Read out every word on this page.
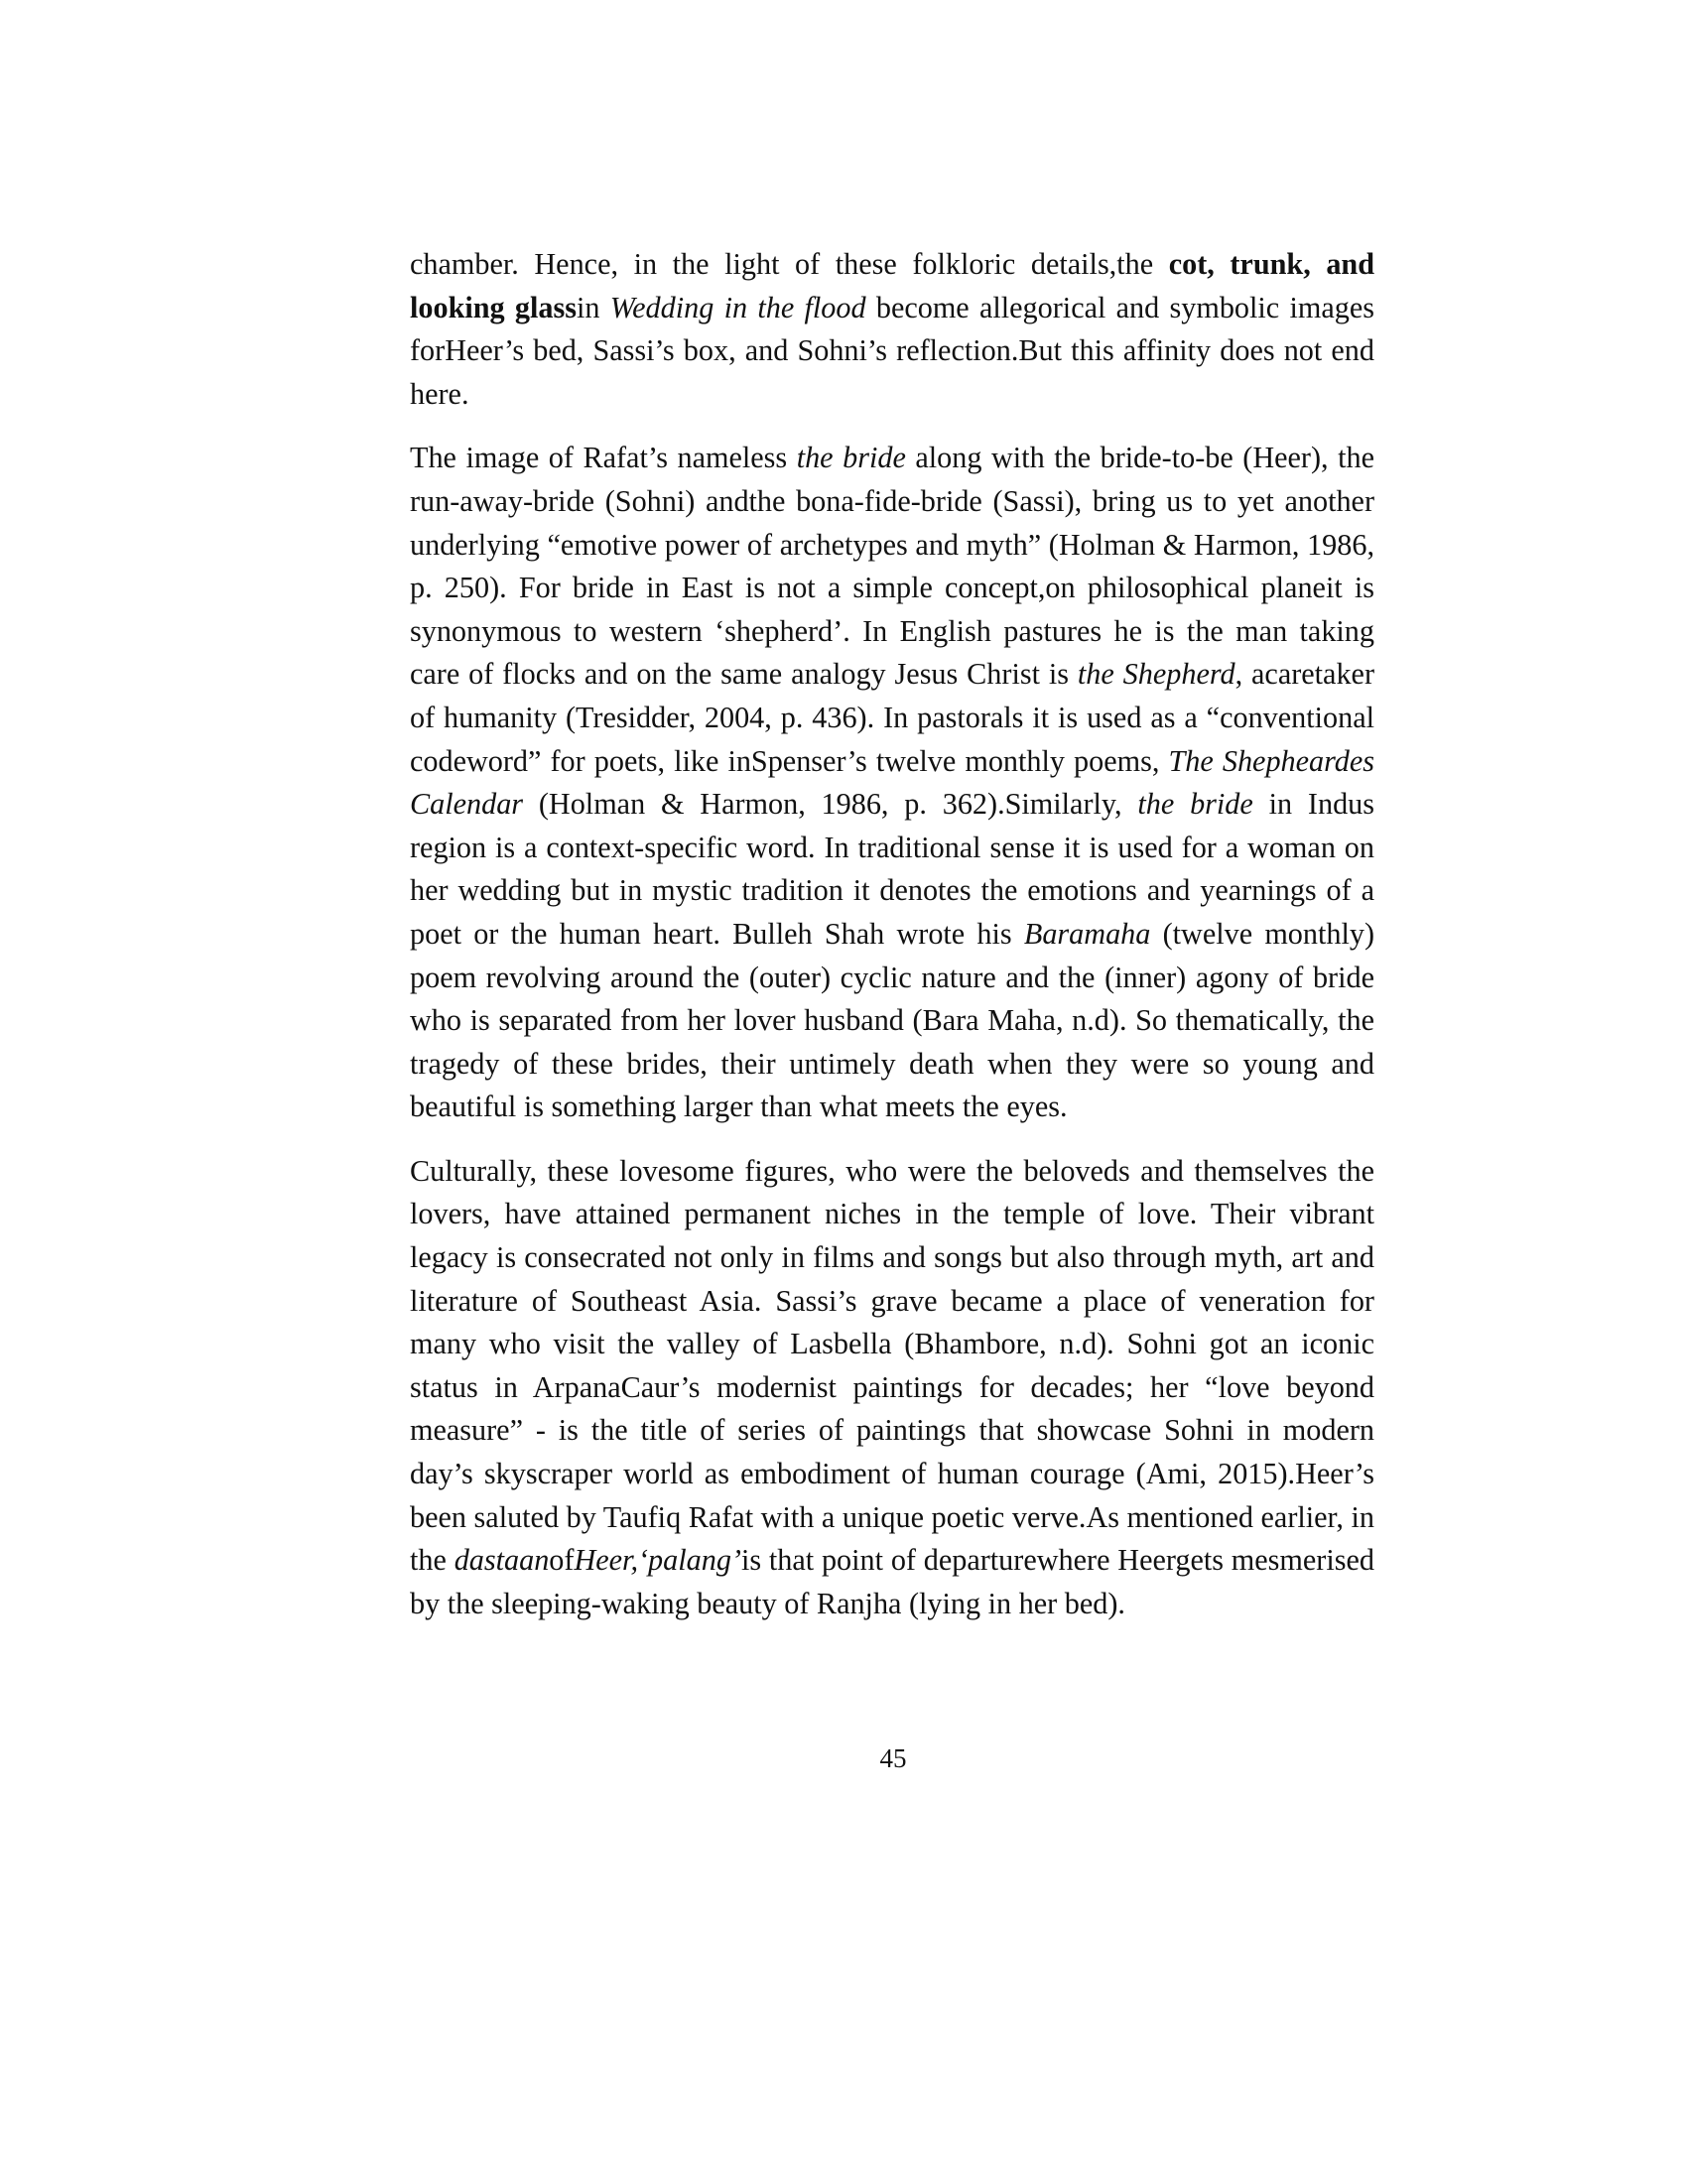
chamber. Hence, in the light of these folkloric details,the cot, trunk, and looking glassin Wedding in the flood become allegorical and symbolic images forHeer’s bed, Sassi’s box, and Sohni’s reflection.But this affinity does not end here.

The image of Rafat’s nameless the bride along with the bride-to-be (Heer), the run-away-bride (Sohni) andthe bona-fide-bride (Sassi), bring us to yet another underlying “emotive power of archetypes and myth” (Holman & Harmon, 1986, p. 250). For bride in East is not a simple concept,on philosophical planeit is synonymous to western ‘shepherd’. In English pastures he is the man taking care of flocks and on the same analogy Jesus Christ is the Shepherd, acaretaker of humanity (Tresidder, 2004, p. 436). In pastorals it is used as a “conventional codeword” for poets, like inSpenser’s twelve monthly poems, The Shepheardes Calendar (Holman & Harmon, 1986, p. 362).Similarly, the bride in Indus region is a context-specific word. In traditional sense it is used for a woman on her wedding but in mystic tradition it denotes the emotions and yearnings of a poet or the human heart. Bulleh Shah wrote his Baramaha (twelve monthly) poem revolving around the (outer) cyclic nature and the (inner) agony of bride who is separated from her lover husband (Bara Maha, n.d). So thematically, the tragedy of these brides, their untimely death when they were so young and beautiful is something larger than what meets the eyes.

Culturally, these lovesome figures, who were the beloveds and themselves the lovers, have attained permanent niches in the temple of love. Their vibrant legacy is consecrated not only in films and songs but also through myth, art and literature of Southeast Asia. Sassi’s grave became a place of veneration for many who visit the valley of Lasbella (Bhambore, n.d). Sohni got an iconic status in ArpanaCaur’s modernist paintings for decades; her “love beyond measure” - is the title of series of paintings that showcase Sohni in modern day’s skyscraper world as embodiment of human courage (Ami, 2015).Heer’s been saluted by Taufiq Rafat with a unique poetic verve.As mentioned earlier, in the dastaanofHeer,‘palang’is that point of departurewhere Heergets mesmerised by the sleeping-waking beauty of Ranjha (lying in her bed).

45
